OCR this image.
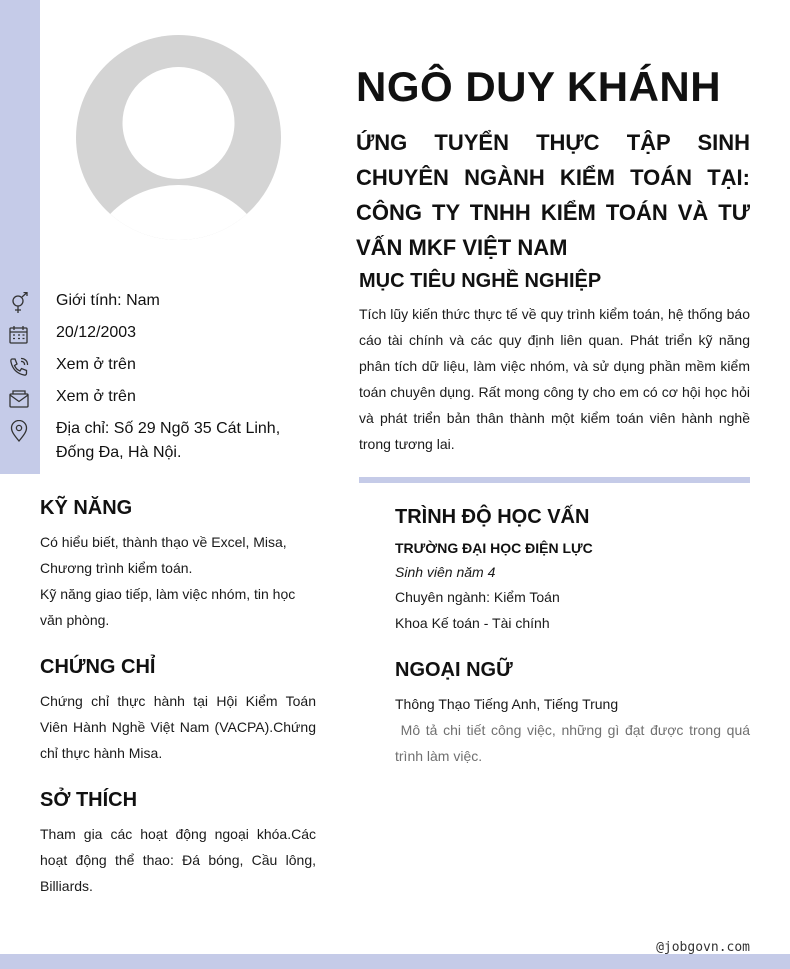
NGÔ DUY KHÁNH
ỨNG TUYỂN THỰC TẬP SINH CHUYÊN NGÀNH KIỂM TOÁN TẠI: CÔNG TY TNHH KIỂM TOÁN VÀ TƯ VẤN MKF VIỆT NAM
Giới tính: Nam
20/12/2003
Xem ở trên
Xem ở trên
Địa chỉ: Số 29 Ngõ 35 Cát Linh, Đống Đa, Hà Nội.
MỤC TIÊU NGHỀ NGHIỆP
Tích lũy kiến thức thực tế về quy trình kiểm toán, hệ thống báo cáo tài chính và các quy định liên quan. Phát triển kỹ năng phân tích dữ liệu, làm việc nhóm, và sử dụng phần mềm kiểm toán chuyên dụng. Rất mong công ty cho em có cơ hội học hỏi và phát triển bản thân thành một kiểm toán viên hành nghề trong tương lai.
KỸ NĂNG
Có hiểu biết, thành thạo về Excel, Misa, Chương trình kiểm toán.
Kỹ năng giao tiếp, làm việc nhóm, tin học văn phòng.
CHỨNG CHỈ
Chứng chỉ thực hành tại Hội Kiểm Toán Viên Hành Nghề Việt Nam (VACPA).Chứng chỉ thực hành Misa.
SỞ THÍCH
Tham gia các hoạt động ngoại khóa.Các hoạt động thể thao: Đá bóng, Cầu lông, Billiards.
TRÌNH ĐỘ HỌC VẤN
TRƯỜNG ĐẠI HỌC ĐIỆN LỰC
Sinh viên năm 4
Chuyên ngành: Kiểm Toán
Khoa Kế toán - Tài chính
NGOẠI NGỮ
Thông Thạo Tiếng Anh, Tiếng Trung
Mô tả chi tiết công việc, những gì đạt được trong quá trình làm việc.
@jobgovn.com
